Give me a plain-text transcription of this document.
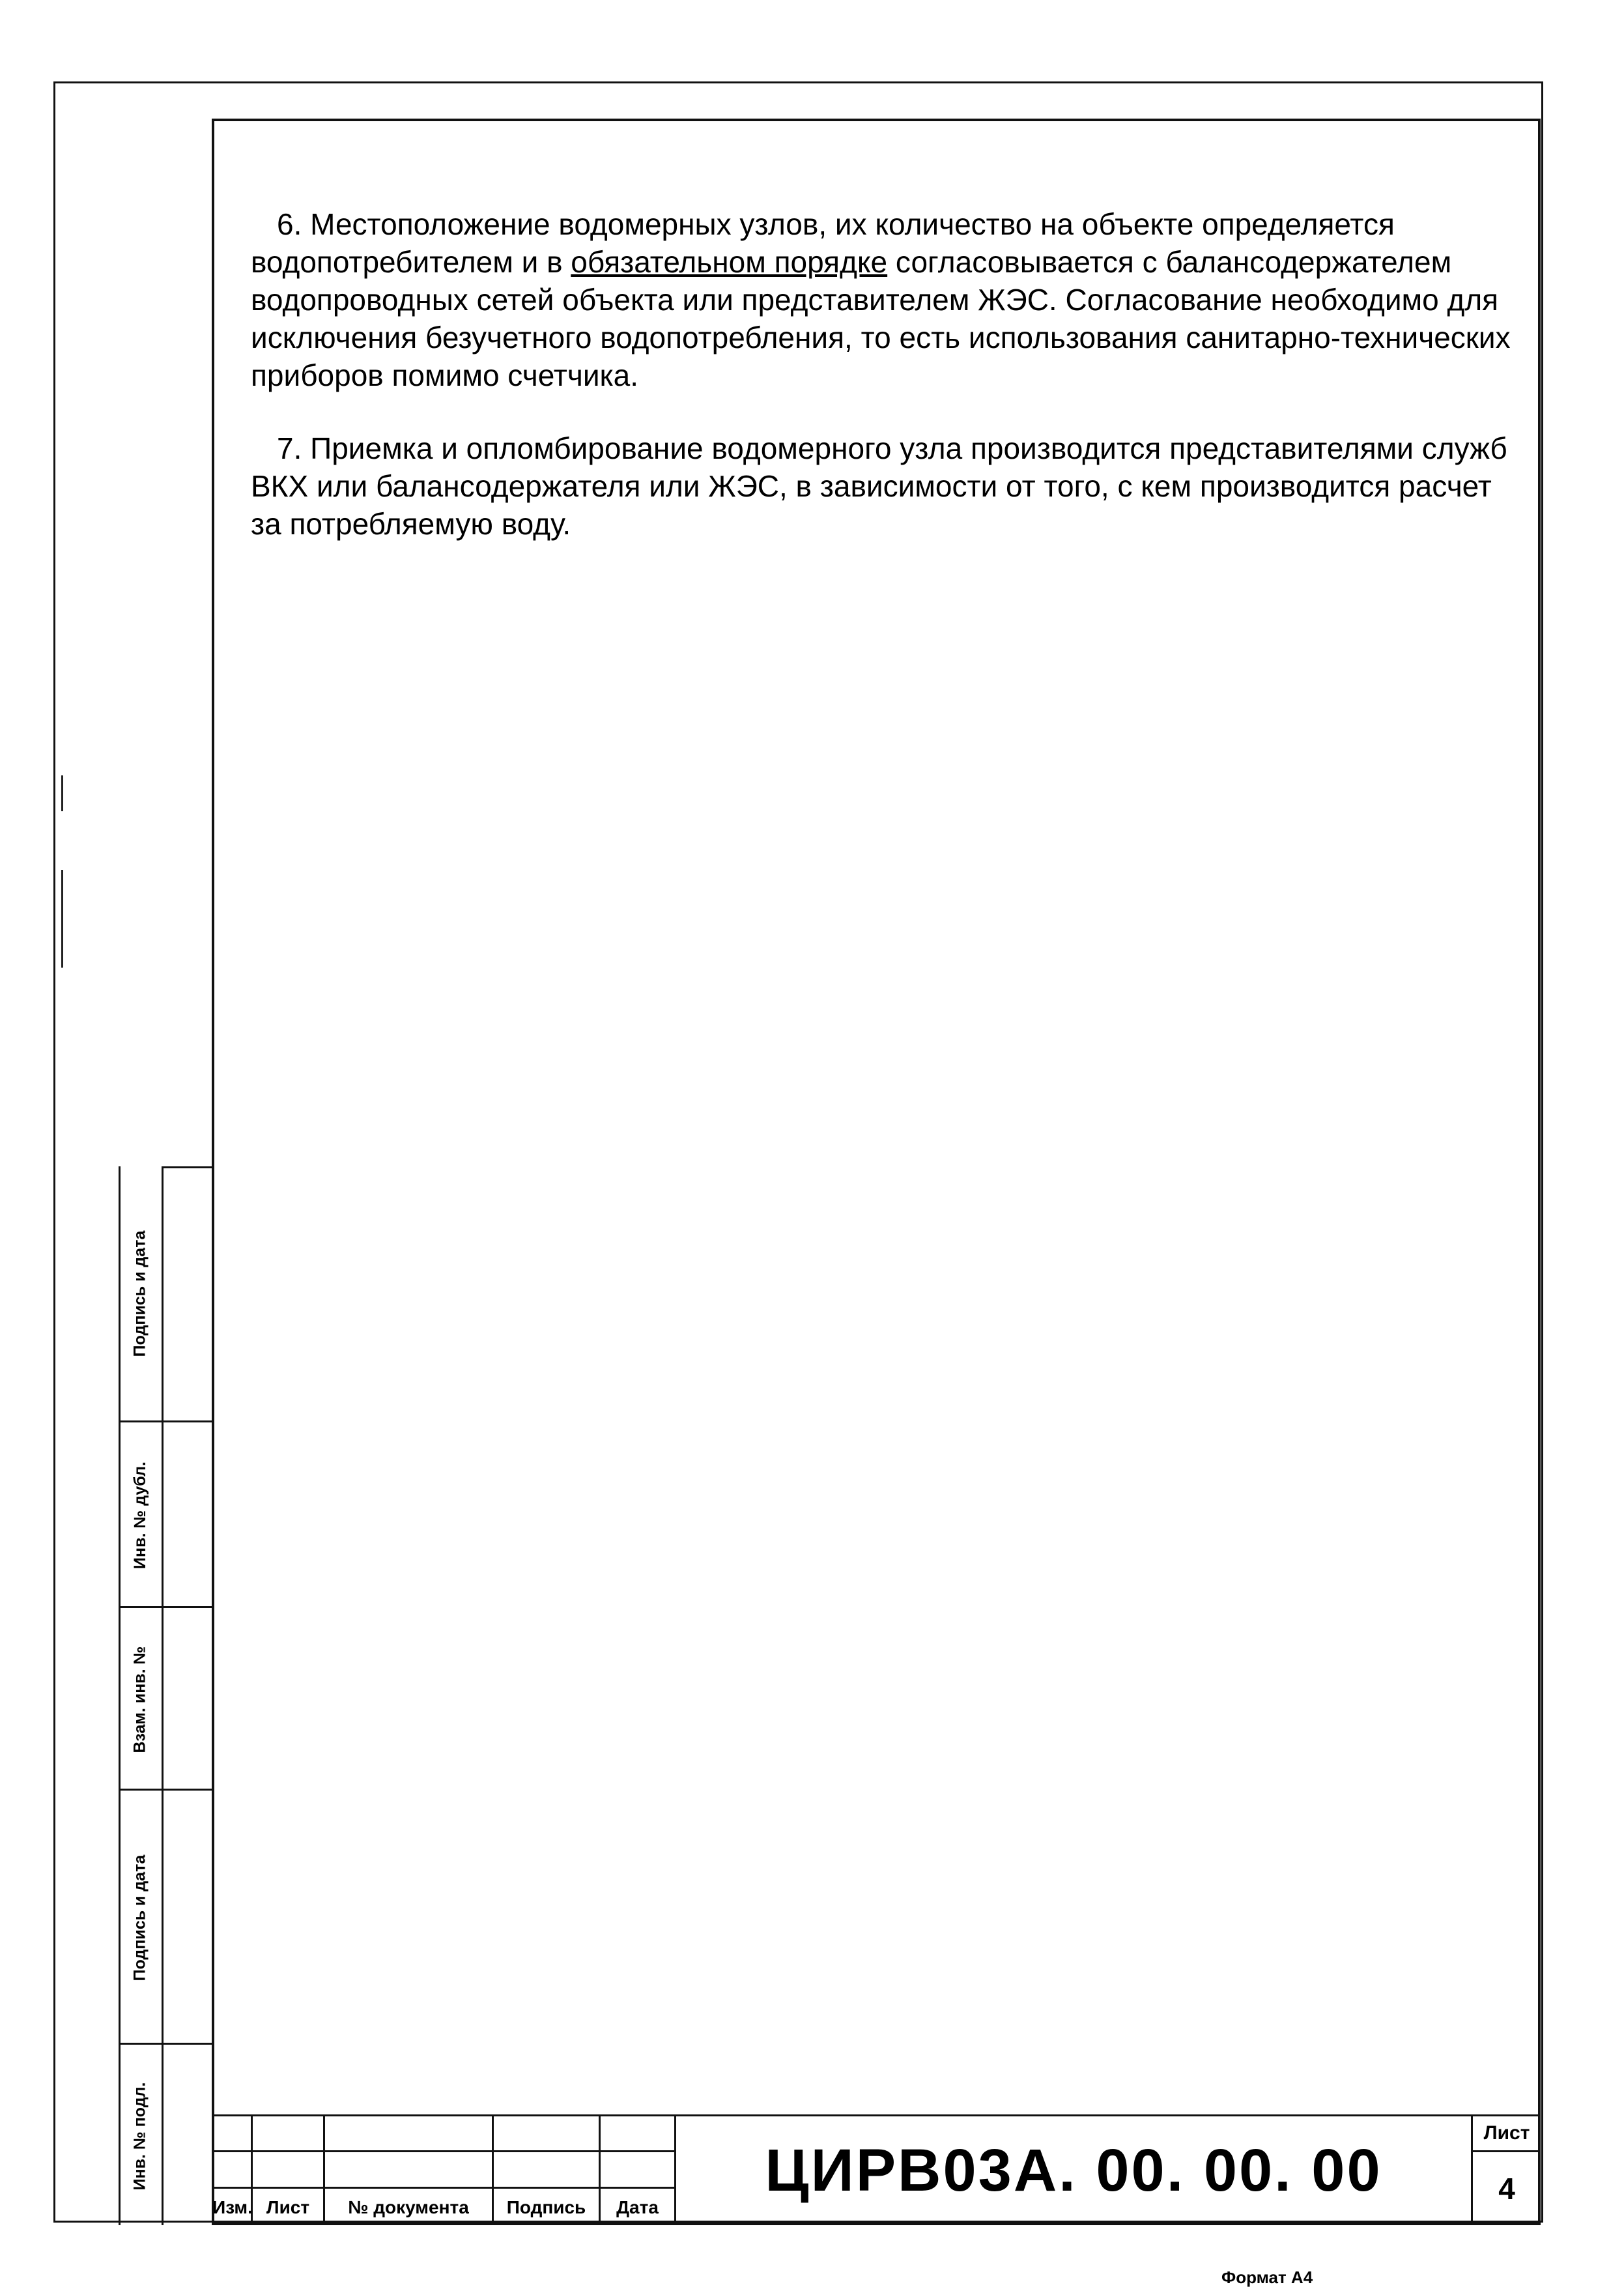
6. Местоположение водомерных узлов, их количество на объекте определяется водопотребителем и в обязательном порядке согласовывается с балансодержателем водопроводных сетей объекта или представителем ЖЭС. Согласование необходимо для исключения безучетного водопотребления, то есть использования санитарно-технических приборов помимо счетчика.

7. Приемка и опломбирование водомерного узла производится представителями служб ВКХ или балансодержателя или ЖЭС, в зависимости от того, с кем производится расчет за потребляемую воду.

Подпись и дата
Инв. № дубл.
Взам. инв. №
Подпись и дата
Инв. № подл.
Изм. Лист	№ документа	Подпись	Дата
ЦИРВ03А. 00. 00. 00
Лист
4
Формат А4
